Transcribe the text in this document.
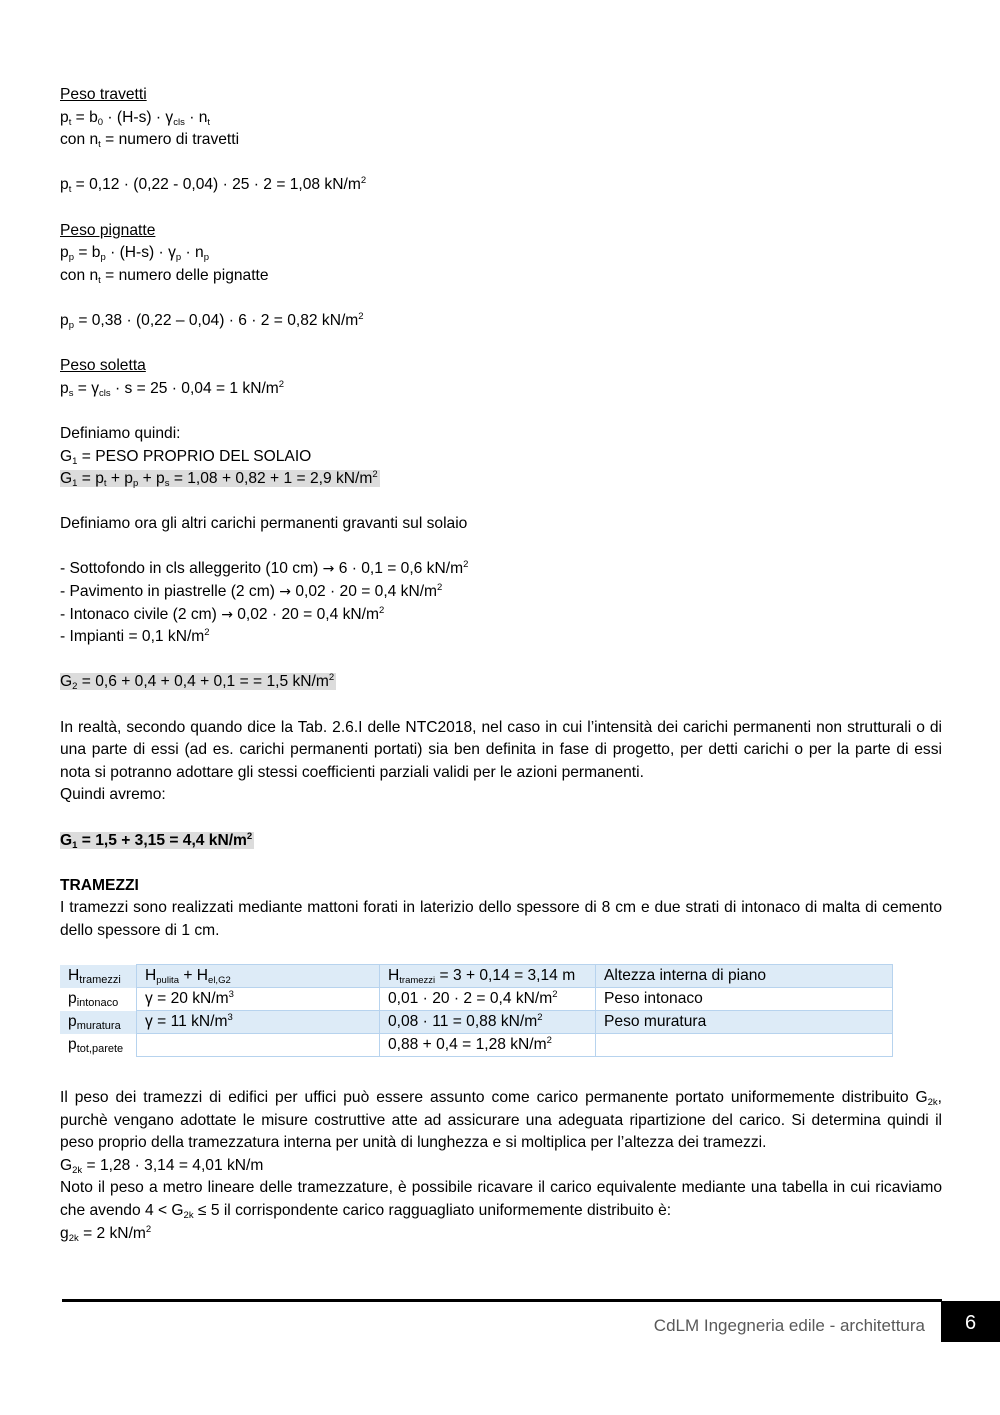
Peso travetti
$p_t = b_0 \cdot (H-s) \cdot \gamma_{cls} \cdot n_t$
con $n_t$ = numero di travetti
$p_t = 0,12 \cdot (0,22 - 0,04) \cdot 25 \cdot 2 = 1,08$ $kN/m^2$
Peso pignatte
$p_p = b_p \cdot (H-s) \cdot \gamma_p \cdot n_p$
con $n_t$ = numero delle pignatte
$p_p = 0,38 \cdot (0,22 - 0,04) \cdot 6 \cdot 2 = 0,82$ $kN/m^2$
Peso soletta
$p_s = \gamma_{cls} \cdot s = 25 \cdot 0,04 = 1$ $kN/m^2$
Definiamo quindi:
$G_1$ = PESO PROPRIO DEL SOLAIO
$G_1 = p_t + p_p + p_s = 1,08 + 0,82 + 1 = 2,9$ $kN/m^2$
Definiamo ora gli altri carichi permanenti gravanti sul solaio
- Sottofondo in cls alleggerito (10 cm) → 6 · 0,1 = 0,6 $kN/m^2$
- Pavimento in piastrelle (2 cm) → 0,02 · 20 = 0,4 $kN/m^2$
- Intonaco civile (2 cm) → 0,02 · 20 = 0,4 $kN/m^2$
- Impianti = 0,1 $kN/m^2$
$G_2 = 0,6 + 0,4 + 0,4 + 0,1$ = = 1,5 $kN/m^2$
In realtà, secondo quando dice la Tab. 2.6.I delle NTC2018, nel caso in cui l’intensità dei carichi permanenti non strutturali o di una parte di essi (ad es. carichi permanenti portati) sia ben definita in fase di progetto, per detti carichi o per la parte di essi nota si potranno adottare gli stessi coefficienti parziali validi per le azioni permanenti.
Quindi avremo:
$G_1 = 1,5 + 3,15 = 4,4$ $kN/m^2$
TRAMEZZI
I tramezzi sono realizzati mediante mattoni forati in laterizio dello spessore di 8 cm e due strati di intonaco di malta di cemento dello spessore di 1 cm.
$H_{tramezzi}$	$H_{pulita} + H_{el,G2}$	$H_{tramezzi} = 3 + 0,14 = 3,14$ m	Altezza interna di piano
$p_{intonaco}$	γ = 20 $kN/m^3$	0,01 · 20 · 2 = 0,4 $kN/m^2$	Peso intonaco
$p_{muratura}$	γ = 11 $kN/m^3$	0,08 · 11 = 0,88 $kN/m^2$	Peso muratura
$p_{tot,parete}$		0,88 + 0,4 = 1,28 $kN/m^2$	
Il peso dei tramezzi di edifici per uffici può essere assunto come carico permanente portato uniformemente distribuito $G_{2k}$, purchè vengano adottate le misure costruttive atte ad assicurare una adeguata ripartizione del carico. Si determina quindi il peso proprio della tramezzatura interna per unità di lunghezza e si moltiplica per l’altezza dei tramezzi.
$G_{2k} = 1,28 \cdot 3,14 = 4,01$ kN/m
Noto il peso a metro lineare delle tramezzature, è possibile ricavare il carico equivalente mediante una tabella in cui ricaviamo che avendo $4 < G_{2k} \le 5$ il corrispondente carico ragguagliato uniformemente distribuito è:
$g_{2k} = 2$ $kN/m^2$
CdLM Ingegneria edile - architettura	6
